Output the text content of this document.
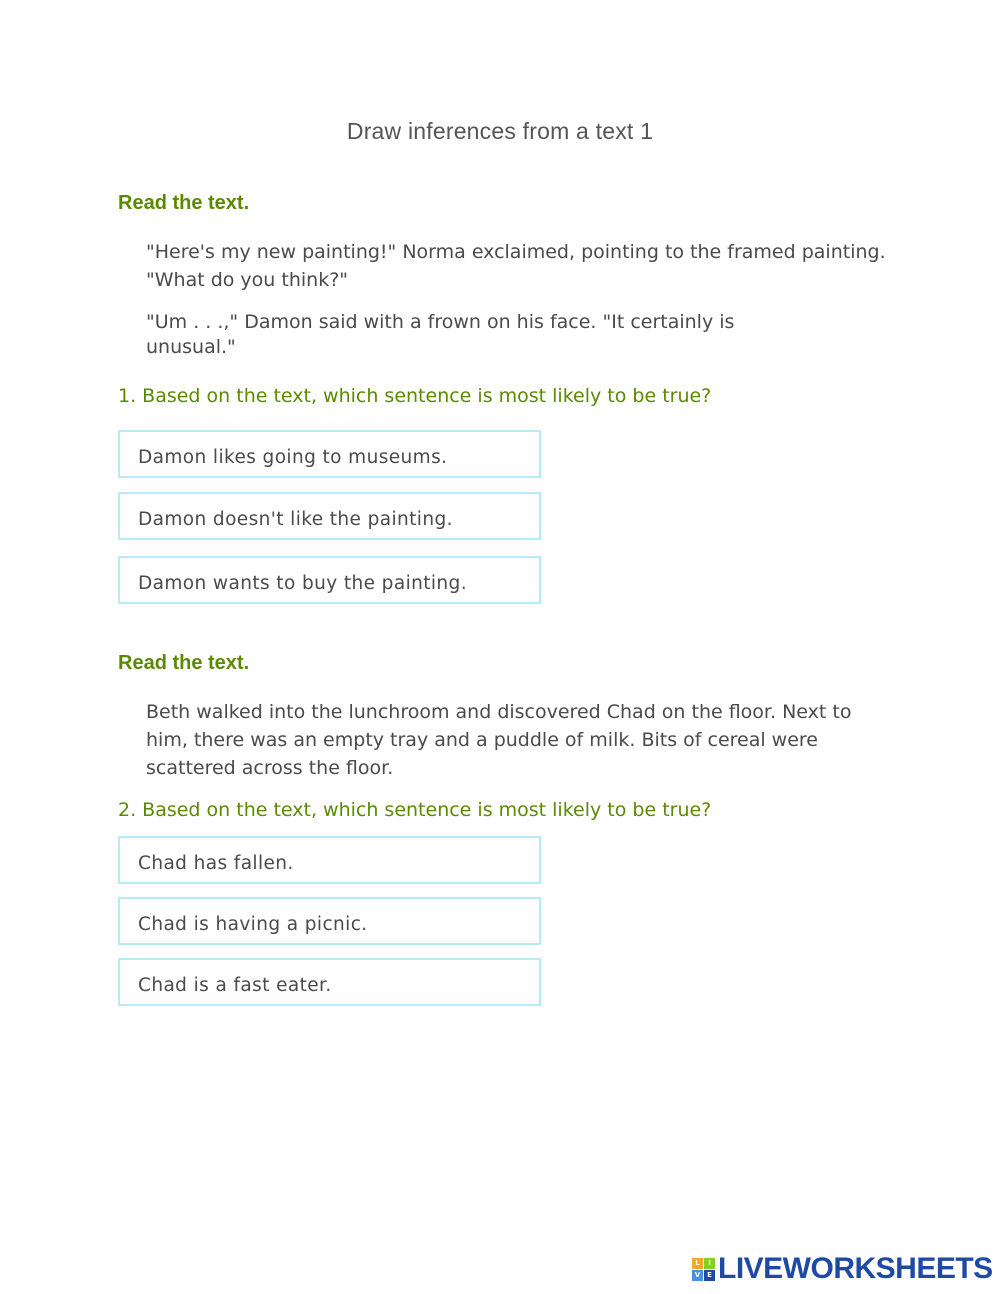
Draw inferences from a text 1
Read the text.
"Here's my new painting!" Norma exclaimed, pointing to the framed painting. "What do you think?"
"Um . . .," Damon said with a frown on his face. "It certainly is unusual."
1. Based on the text, which sentence is most likely to be true?
Damon likes going to museums.
Damon doesn't like the painting.
Damon wants to buy the painting.
Read the text.
Beth walked into the lunchroom and discovered Chad on the floor. Next to him, there was an empty tray and a puddle of milk. Bits of cereal were scattered across the floor.
2. Based on the text, which sentence is most likely to be true?
Chad has fallen.
Chad is having a picnic.
Chad is a fast eater.
L	I
V E LIVEWORKSHEETS
